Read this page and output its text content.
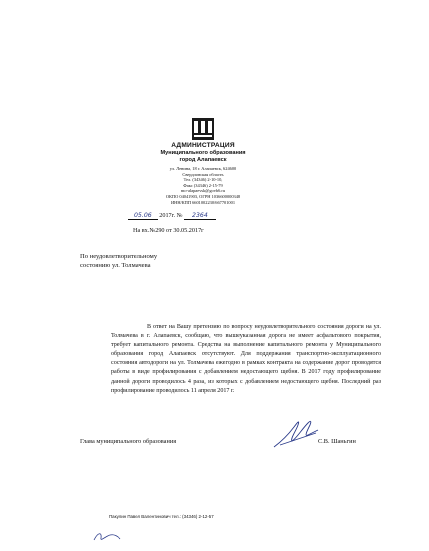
АДМИНИСТРАЦИЯ
Муниципального образования
город Алапаевск
ул. Ленина, 18 г. Алапаевск, 624600
Свердловская область
Тел. (34346) 2-10-10,
Факс (34346) 2-15-79
mo-alapaevsk@govb6.ru
ОКПО 04041903, ОГРН 1036600000348
ИНН/КПП 6601002230/667701001
05.06 2017г. № 2364
На вх.№290 от 30.05.2017г
По неудовлетворительному
состоянию ул. Толмачева

В ответ на Вашу претензию по вопросу неудовлетворительного состояния дороги на ул. Толмачева в г. Алапаевск, сообщаю, что вышеуказанная дорога не имеет асфальтового покрытия, требует капитального ремонта. Средства на выполнение капитального ремонта у Муниципального образования город Алапаевск отсутствуют. Для поддержания транспортно-эксплуатационного состояния автодороги на ул. Толмачева ежегодно в рамках контракта на содержание дорог проводятся работы в виде профилирования с добавлением недостающего щебня. В 2017 году профилирование данной дороги проводилось 4 раза, из которых с добавлением недостающего щебня. Последний раз профилирование проводилось 11 апреля 2017 г.

Глава муниципального образования	С.В. Шаньгин
Пакулин Павел Валентинович тел.: (34346) 2-12-57
